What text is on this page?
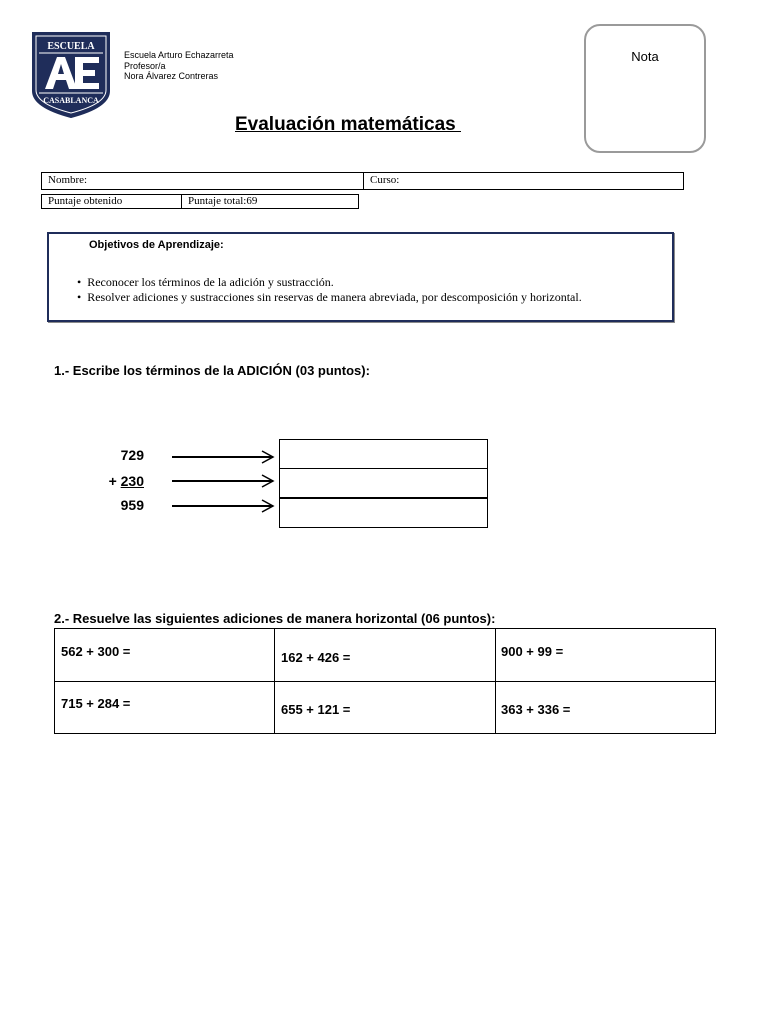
ESCUELA
CASABLANCA
Escuela Arturo Echazarreta
Profesor/a
Nora Álvarez Contreras
Nota
Evaluación matemáticas
Nombre:	Curso:
Puntaje obtenido	Puntaje total:69
Objetivos de Aprendizaje:
• Reconocer los términos de la adición y sustracción.
• Resolver adiciones y sustracciones sin reservas de manera abreviada, por descomposición y horizontal.
1.- Escribe los términos de la ADICIÓN (03 puntos):
729
+ 230
959
2.- Resuelve las siguientes adiciones de manera horizontal (06 puntos):
562 + 300 =	162 + 426 =	900 + 99 =
715 + 284 =	655 + 121 =	363 + 336 =
